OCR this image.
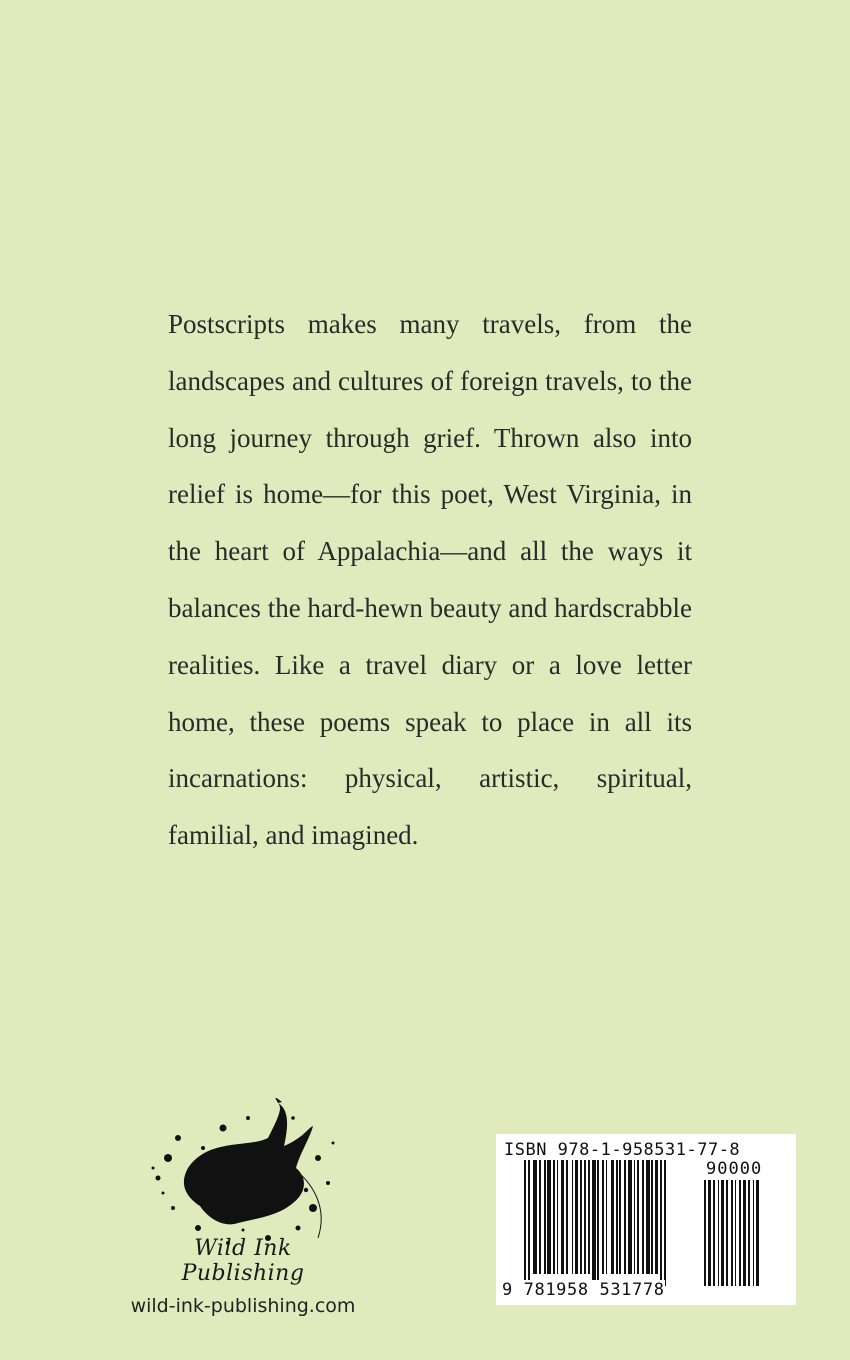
Postscripts makes many travels, from the landscapes and cultures of foreign travels, to the long journey through grief. Thrown also into relief is home—for this poet, West Virginia, in the heart of Appalachia—and all the ways it balances the hard-hewn beauty and hardscrabble realities. Like a travel diary or a love letter home, these poems speak to place in all its incarnations: physical, artistic, spiritual, familial, and imagined.

Wild Ink Publishing
wild-ink-publishing.com
ISBN 978-1-958531-77-8
90000
9 781958 531778
